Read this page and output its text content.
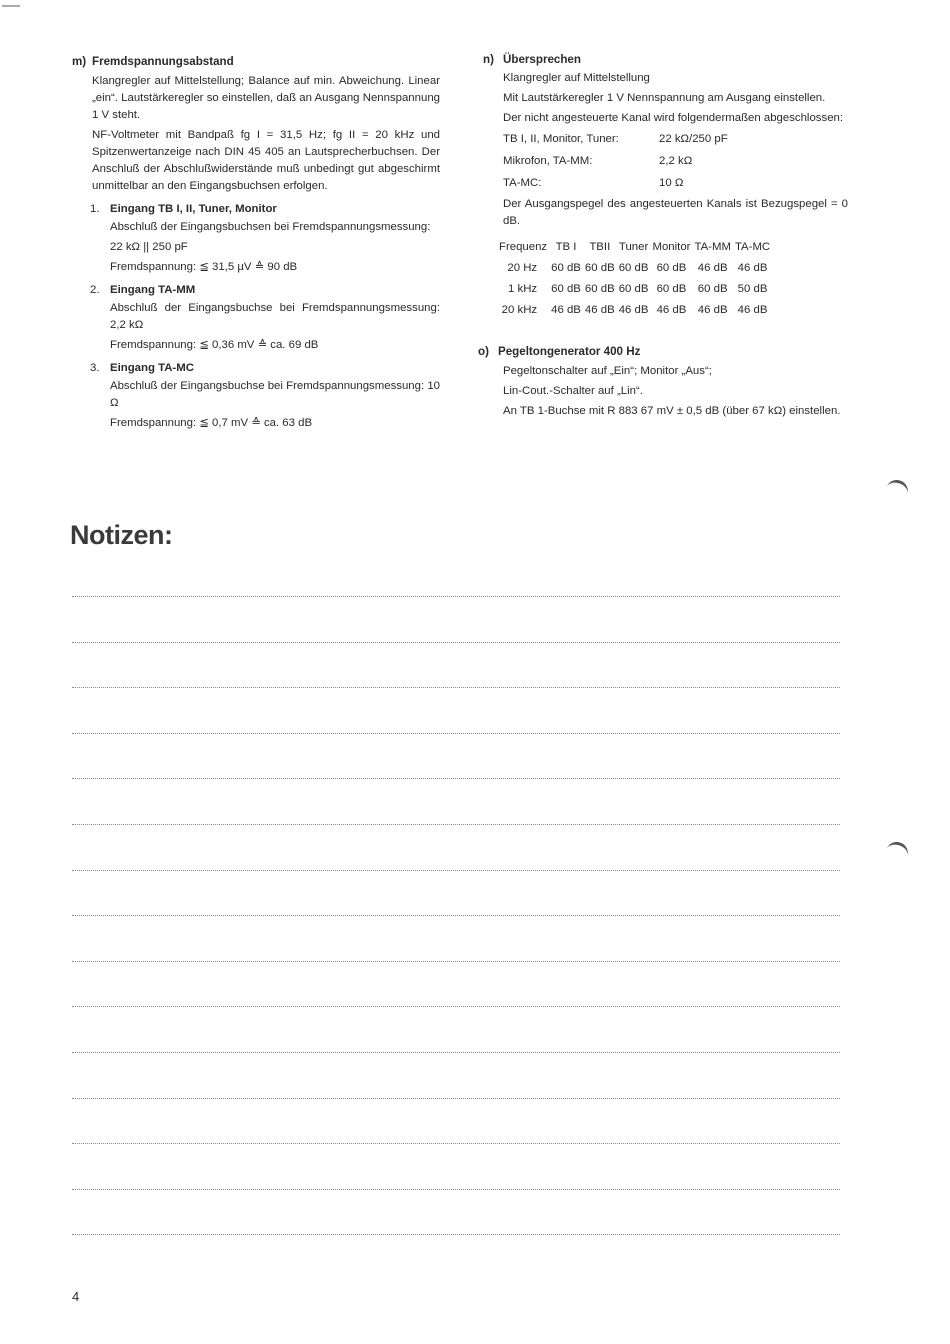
m) Fremdspannungsabstand
Klangregler auf Mittelstellung; Balance auf min. Abweichung. Linear „ein“. Lautstärkeregler so einstellen, daß an Ausgang Nennspannung 1 V steht.
NF-Voltmeter mit Bandpaß fg I = 31,5 Hz; fg II = 20 kHz und Spitzenwertanzeige nach DIN 45 405 an Lautsprecherbuchsen. Der Anschluß der Abschlußwiderstände muß unbedingt gut abgeschirmt unmittelbar an den Eingangsbuchsen erfolgen.
1. Eingang TB I, II, Tuner, Monitor
Abschluß der Eingangsbuchsen bei Fremdspannungsmessung:
22 kΩ || 250 pF
Fremdspannung: ≦ 31,5 µV ≙ 90 dB
2. Eingang TA-MM
Abschluß der Eingangsbuchse bei Fremdspannungsmessung: 2,2 kΩ
Fremdspannung: ≦ 0,36 mV ≙ ca. 69 dB
3. Eingang TA-MC
Abschluß der Eingangsbuchse bei Fremdspannungsmessung: 10 Ω
Fremdspannung: ≦ 0,7 mV ≙ ca. 63 dB
n) Übersprechen
Klangregler auf Mittelstellung
Mit Lautstärkeregler 1 V Nennspannung am Ausgang einstellen.
Der nicht angesteuerte Kanal wird folgendermaßen abgeschlossen:
TB I, II, Monitor, Tuner:	22 kΩ/250 pF
Mikrofon, TA-MM:	2,2 kΩ
TA-MC:	10 Ω
Der Ausgangspegel des angesteuerten Kanals ist Bezugspegel = 0 dB.
Frequenz	TB I	TBII	Tuner	Monitor	TA-MM	TA-MC
20 Hz	60 dB	60 dB	60 dB	60 dB	46 dB	46 dB
1 kHz	60 dB	60 dB	60 dB	60 dB	60 dB	50 dB
20 kHz	46 dB	46 dB	46 dB	46 dB	46 dB	46 dB
o) Pegeltongenerator 400 Hz
Pegeltonschalter auf „Ein“; Monitor „Aus“;
Lin-Cout.-Schalter auf „Lin“.
An TB 1-Buchse mit R 883 67 mV ± 0,5 dB (über 67 kΩ) einstellen.
Notizen:
4
